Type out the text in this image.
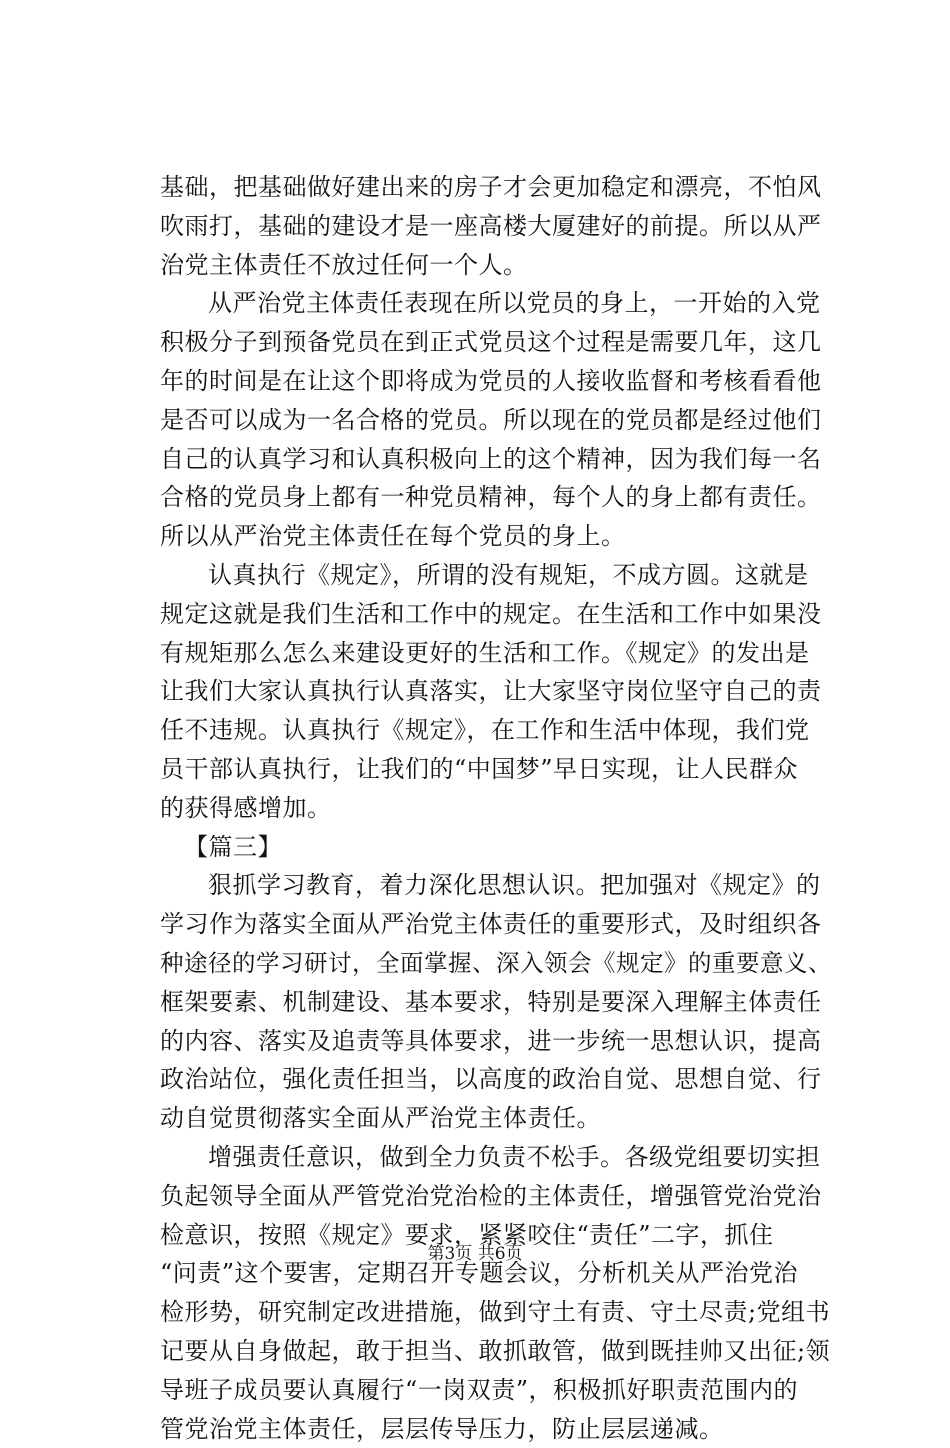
基础，把基础做好建出来的房子才会更加稳定和漂亮，不怕风
吹雨打，基础的建设才是一座高楼大厦建好的前提。所以从严
治党主体责任不放过任何一个人。
从严治党主体责任表现在所以党员的身上，一开始的入党
积极分子到预备党员在到正式党员这个过程是需要几年，这几
年的时间是在让这个即将成为党员的人接收监督和考核看看他
是否可以成为一名合格的党员。所以现在的党员都是经过他们
自己的认真学习和认真积极向上的这个精神，因为我们每一名
合格的党员身上都有一种党员精神，每个人的身上都有责任。
所以从严治党主体责任在每个党员的身上。
认真执行《规定》，所谓的没有规矩，不成方圆。这就是
规定这就是我们生活和工作中的规定。在生活和工作中如果没
有规矩那么怎么来建设更好的生活和工作。《规定》的发出是
让我们大家认真执行认真落实，让大家坚守岗位坚守自己的责
任不违规。认真执行《规定》，在工作和生活中体现，我们党
员干部认真执行，让我们的“中国梦”早日实现，让人民群众
的获得感增加。
【篇三】
狠抓学习教育，着力深化思想认识。把加强对《规定》的
学习作为落实全面从严治党主体责任的重要形式，及时组织各
种途径的学习研讨，全面掌握、深入领会《规定》的重要意义、
框架要素、机制建设、基本要求，特别是要深入理解主体责任
的内容、落实及追责等具体要求，进一步统一思想认识，提高
政治站位，强化责任担当，以高度的政治自觉、思想自觉、行
动自觉贯彻落实全面从严治党主体责任。
增强责任意识，做到全力负责不松手。各级党组要切实担
负起领导全面从严管党治党治检的主体责任，增强管党治党治
检意识，按照《规定》要求，紧紧咬住“责任”二字，抓住
“问责”这个要害，定期召开专题会议，分析机关从严治党治
检形势，研究制定改进措施，做到守土有责、守土尽责;党组书
记要从自身做起，敢于担当、敢抓敢管，做到既挂帅又出征;领
导班子成员要认真履行“一岗双责”，积极抓好职责范围内的
管党治党主体责任，层层传导压力，防止层层递减。
第3页 共6页
